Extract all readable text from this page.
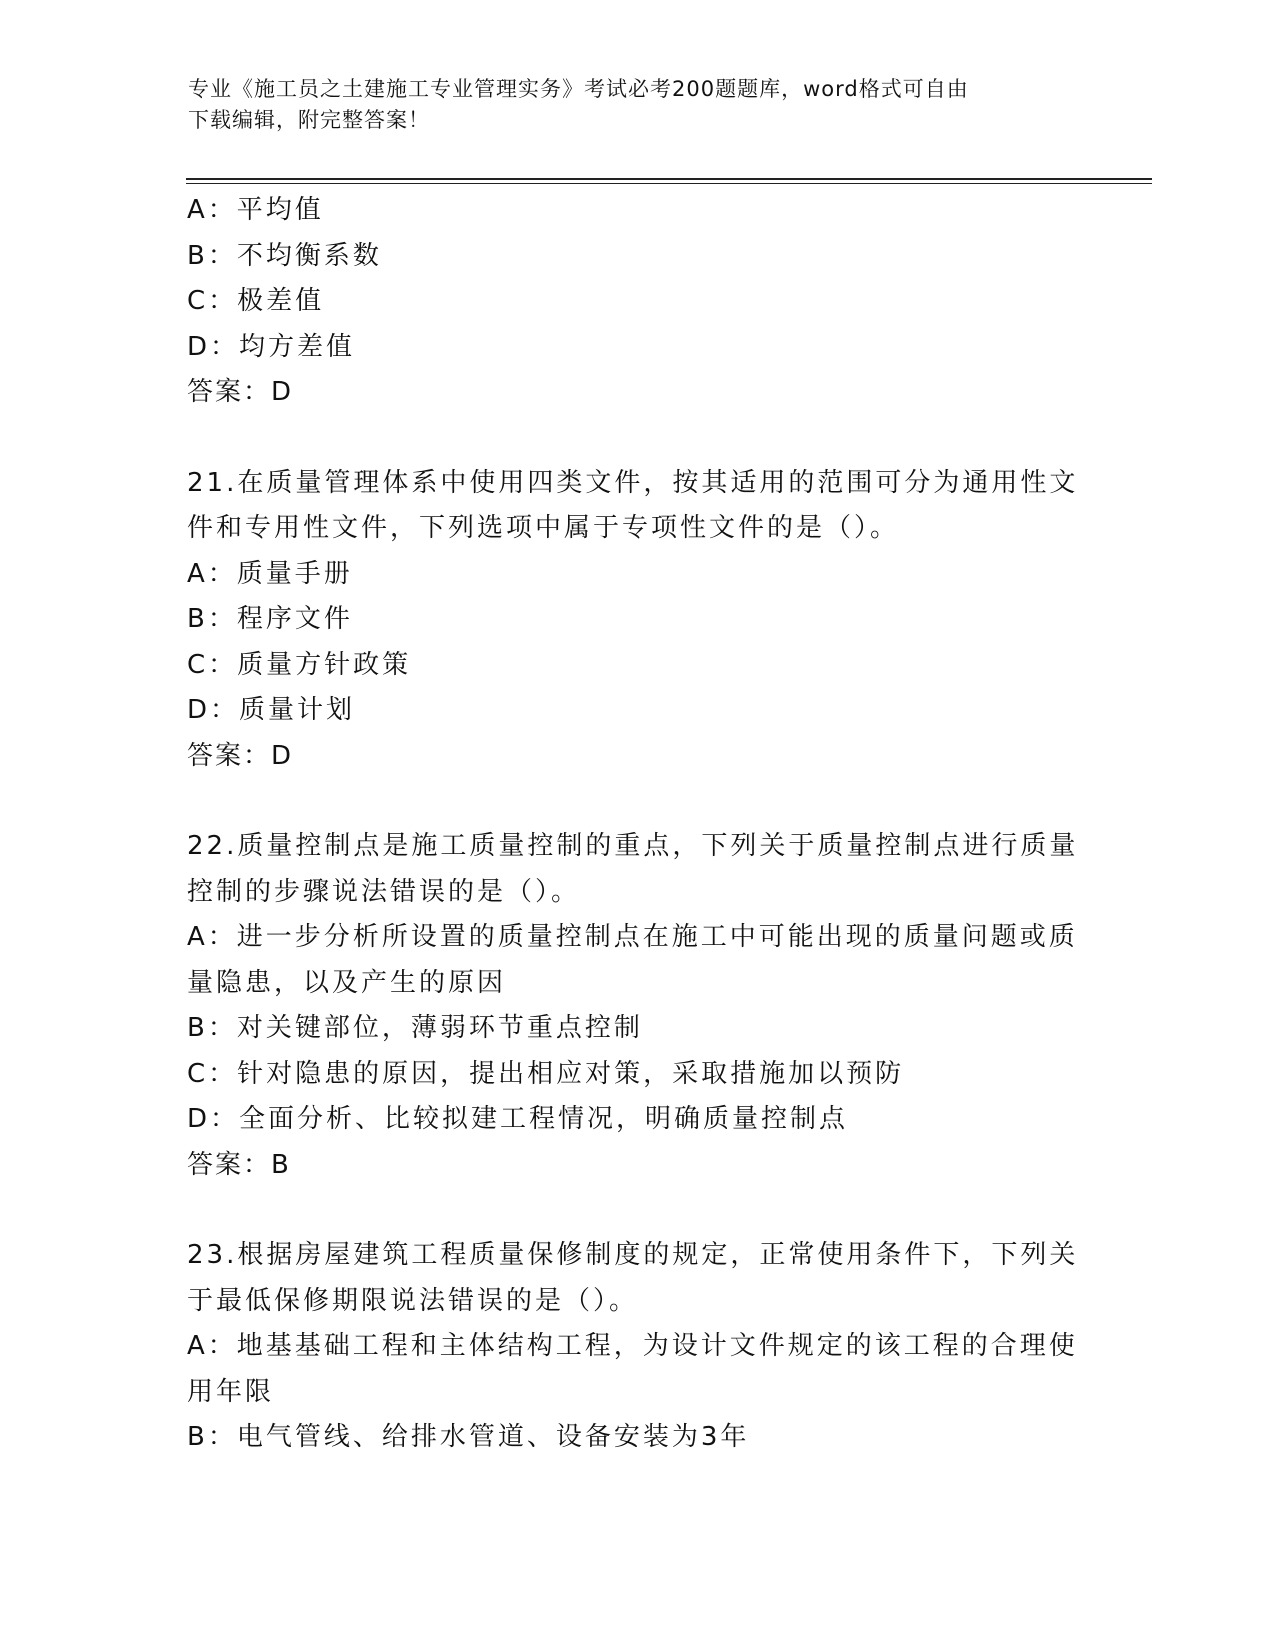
专业《施工员之土建施工专业管理实务》考试必考200题题库，word格式可自由
下载编辑，附完整答案！
A：平均值
B：不均衡系数
C：极差值
D：均方差值
答案：D
21.在质量管理体系中使用四类文件，按其适用的范围可分为通用性文
件和专用性文件，下列选项中属于专项性文件的是（）。
A：质量手册
B：程序文件
C：质量方针政策
D：质量计划
答案：D
22.质量控制点是施工质量控制的重点，下列关于质量控制点进行质量
控制的步骤说法错误的是（）。
A：进一步分析所设置的质量控制点在施工中可能出现的质量问题或质
量隐患，以及产生的原因
B：对关键部位，薄弱环节重点控制
C：针对隐患的原因，提出相应对策，采取措施加以预防
D：全面分析、比较拟建工程情况，明确质量控制点
答案：B
23.根据房屋建筑工程质量保修制度的规定，正常使用条件下，下列关
于最低保修期限说法错误的是（）。
A：地基基础工程和主体结构工程，为设计文件规定的该工程的合理使
用年限
B：电气管线、给排水管道、设备安装为3年
